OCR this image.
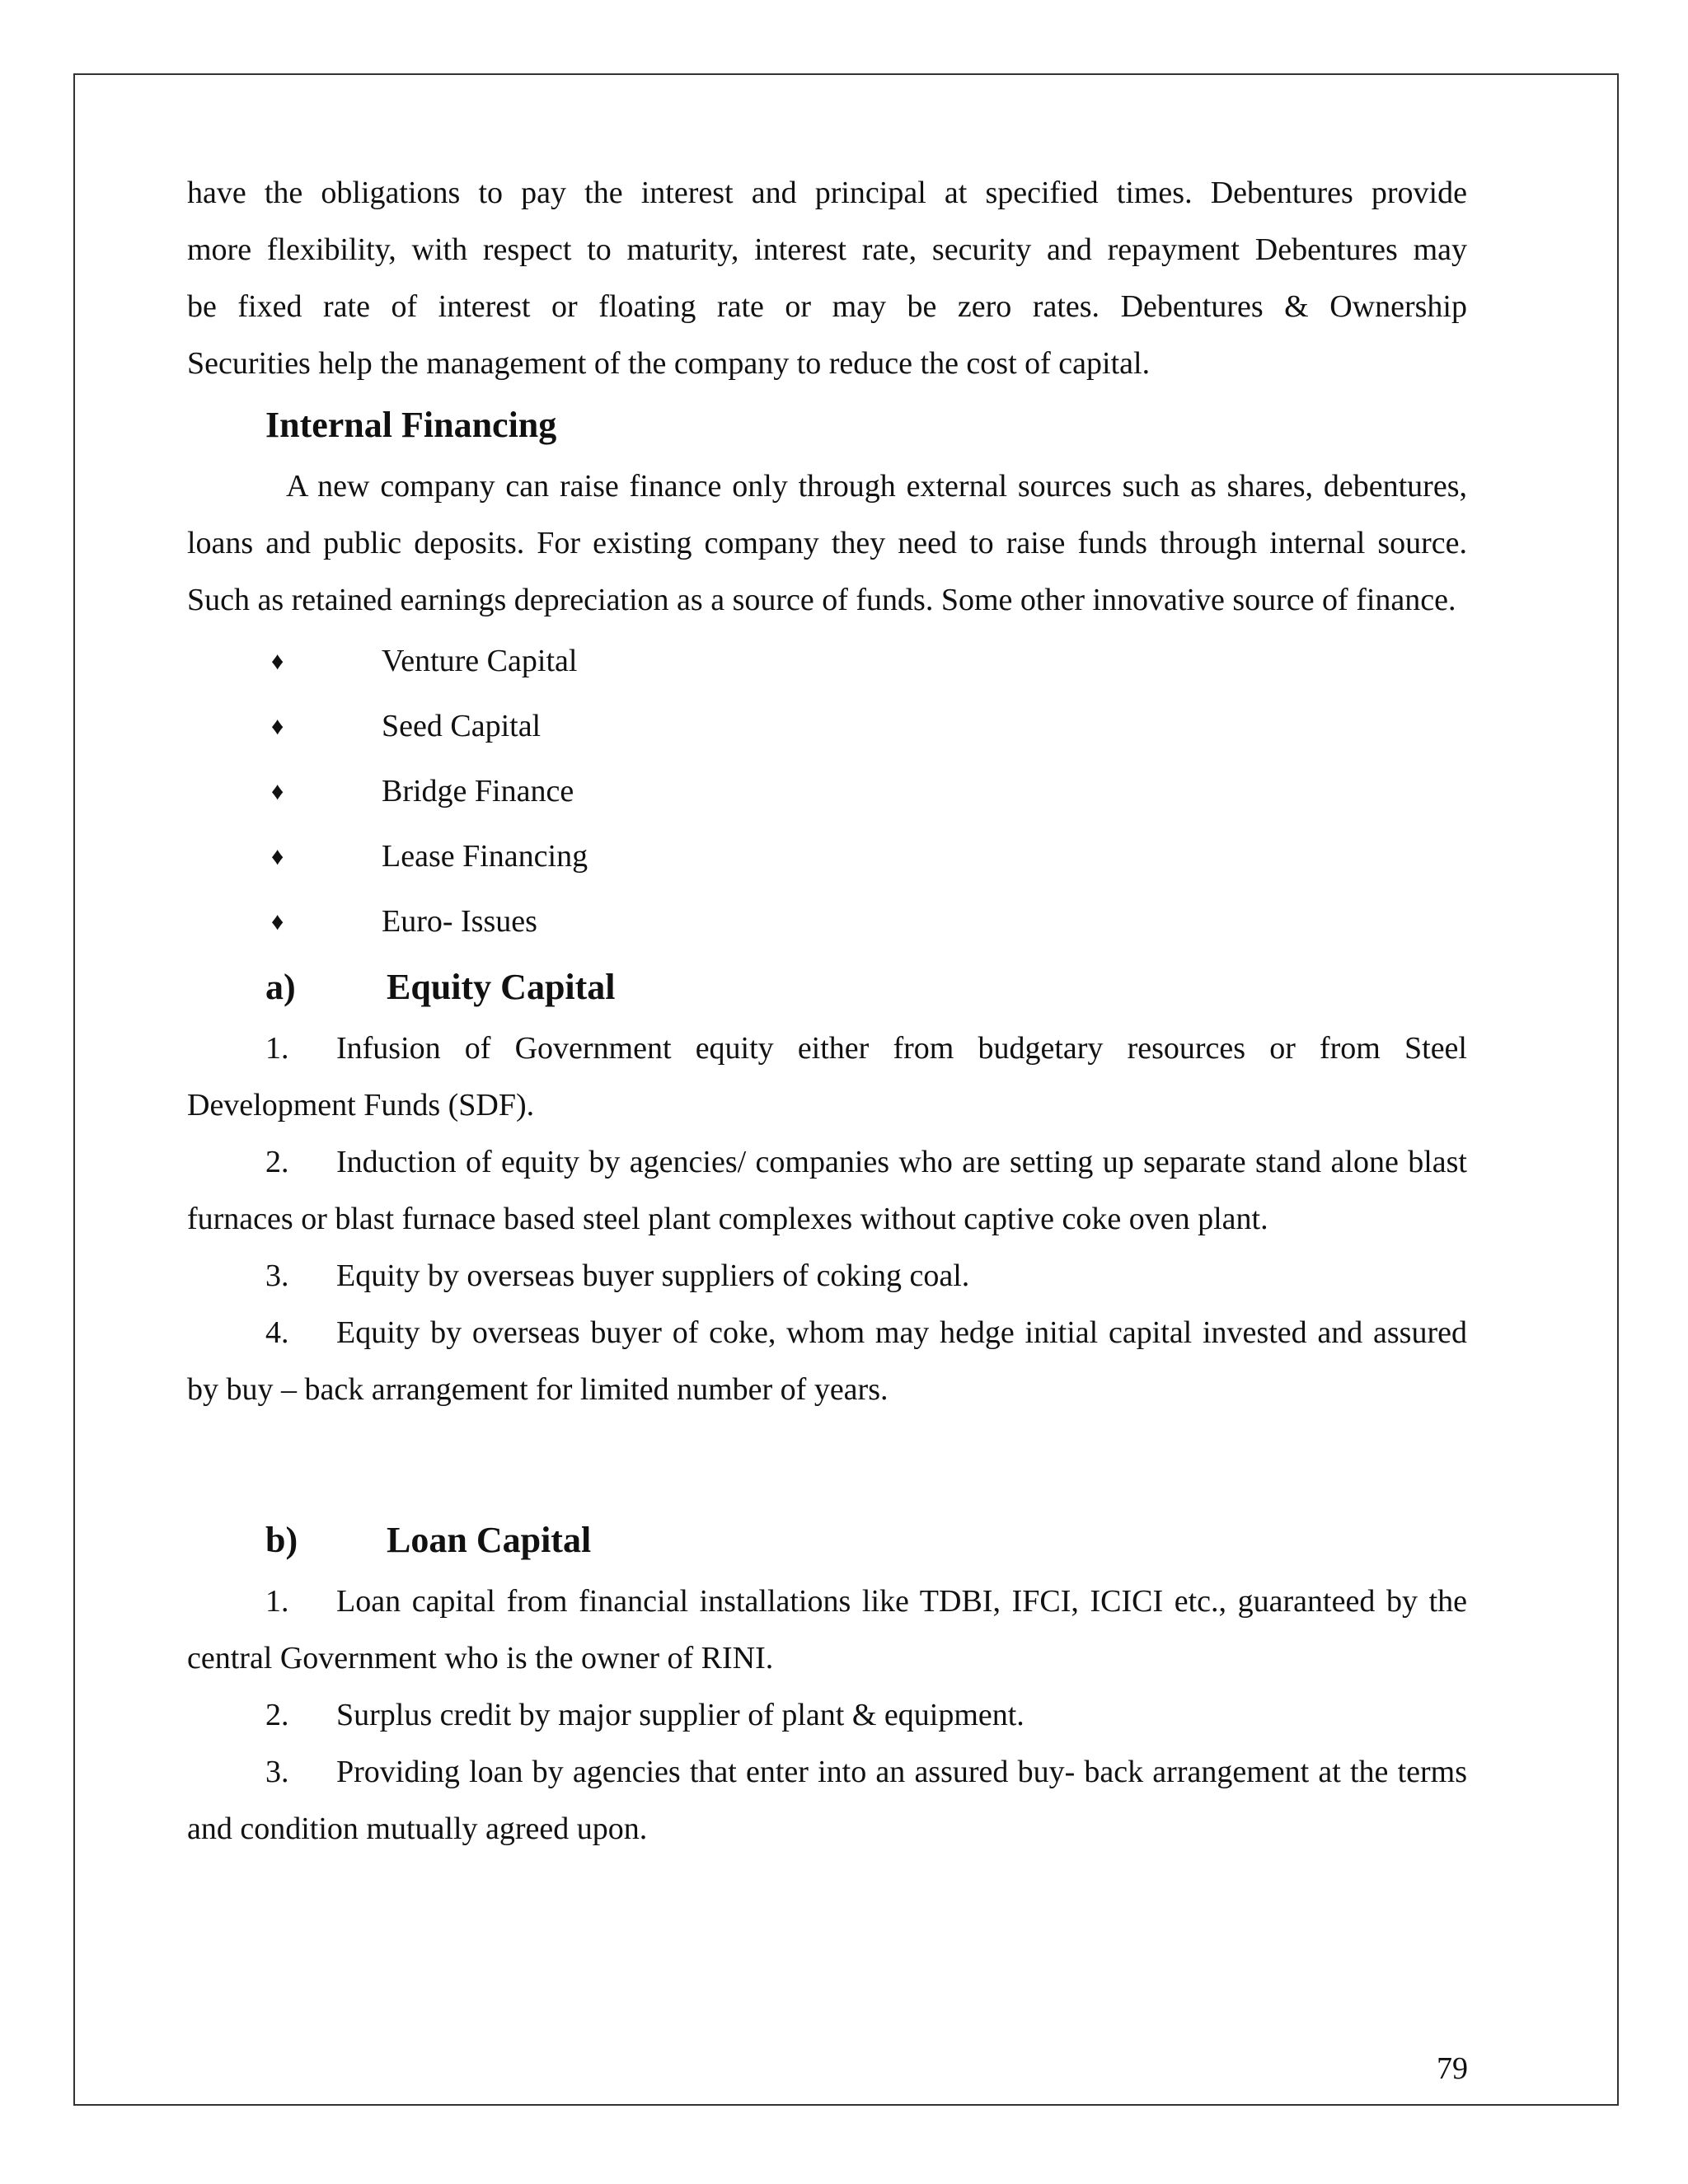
have the obligations to pay the interest and principal at specified times. Debentures provide

more flexibility, with respect to maturity, interest rate, security and repayment Debentures may

be fixed rate of interest or floating rate or may be zero rates. Debentures & Ownership

Securities help the management of the company to reduce the cost of capital.

Internal Financing

A new company can raise finance only through external sources such as shares, debentures, loans and public deposits. For existing company they need to raise funds through internal source. Such as retained earnings depreciation as a source of funds. Some other innovative source of finance.

♦	Venture Capital
♦	Seed Capital
♦	Bridge Finance
♦	Lease Financing
♦	Euro- Issues
a)	Equity Capital

1. Infusion of Government equity either from budgetary resources or from Steel Development Funds (SDF).

2. Induction of equity by agencies/ companies who are setting up separate stand alone blast furnaces or blast furnace based steel plant complexes without captive coke oven plant.

3. Equity by overseas buyer suppliers of coking coal.

4. Equity by overseas buyer of coke, whom may hedge initial capital invested and assured by buy – back arrangement for limited number of years.

b)	Loan Capital

1. Loan capital from financial installations like TDBI, IFCI, ICICI etc., guaranteed by the central Government who is the owner of RINI.

2. Surplus credit by major supplier of plant & equipment.

3. Providing loan by agencies that enter into an assured buy- back arrangement at the terms and condition mutually agreed upon.

79
